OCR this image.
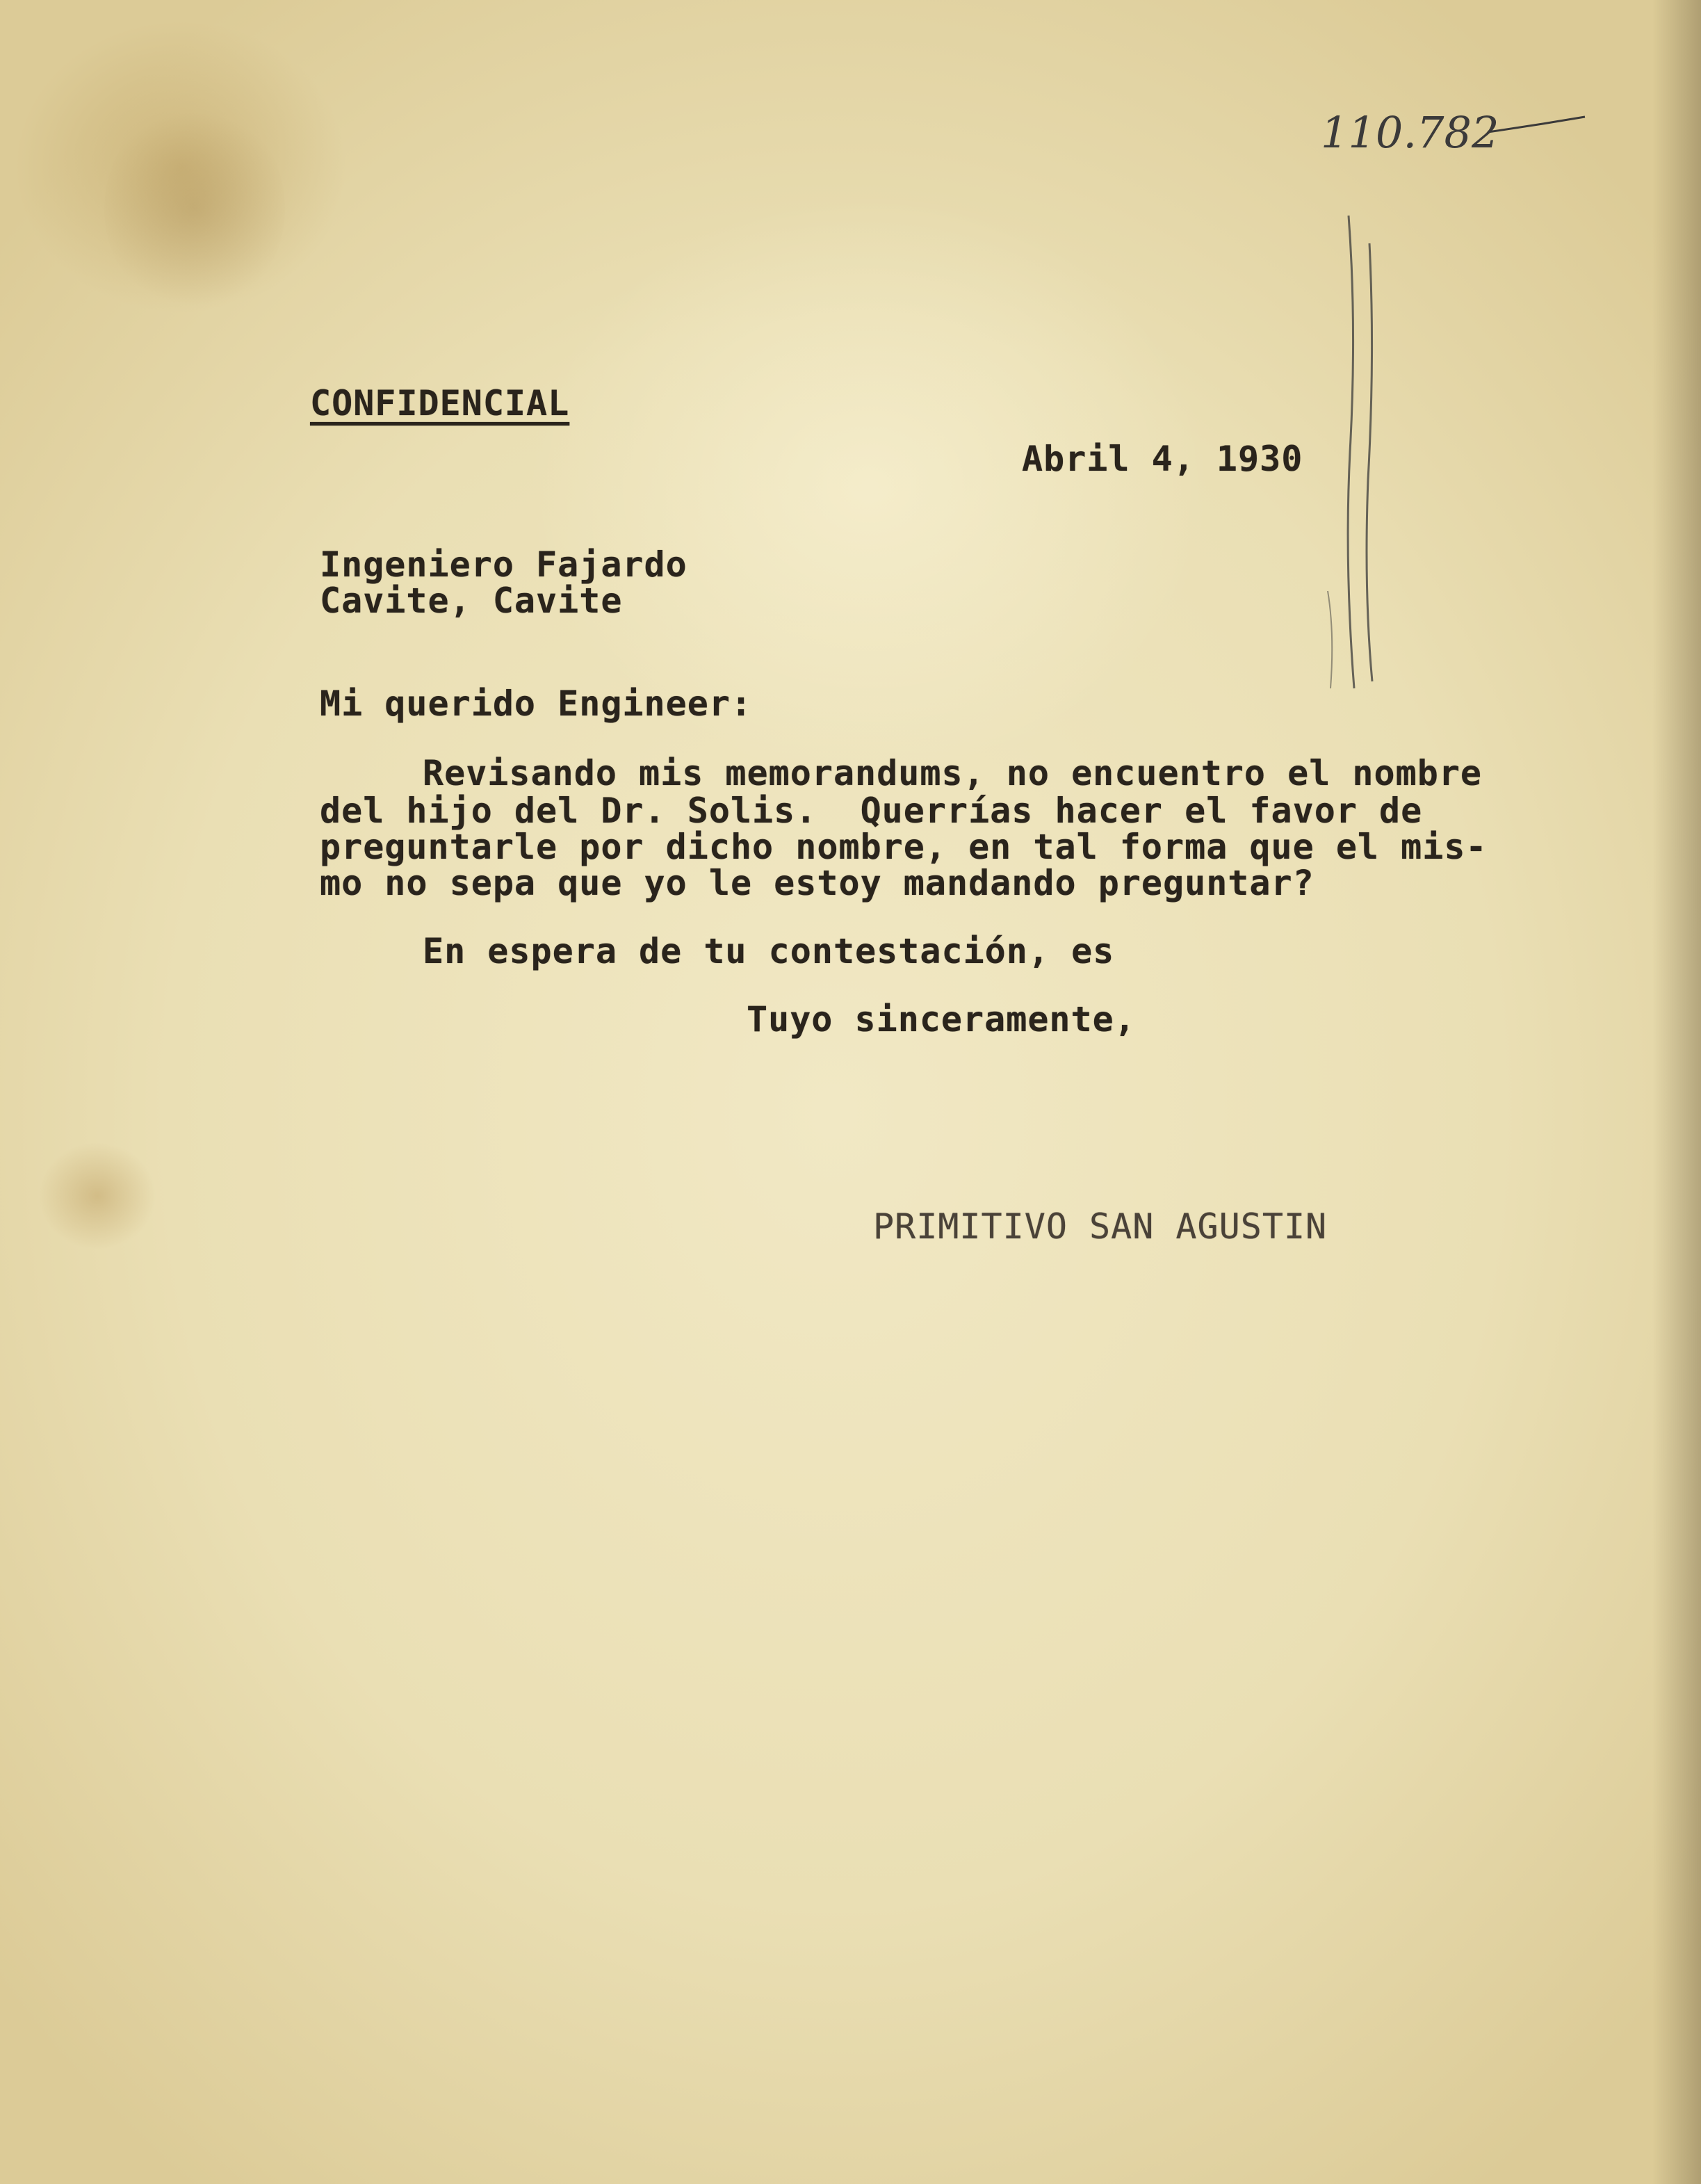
110.782
CONFIDENCIAL
Abril 4, 1930
Ingeniero Fajardo
Cavite, Cavite
Mi querido Engineer:
Revisando mis memorandums, no encuentro el nombre
del hijo del Dr. Solis.  Querrías hacer el favor de
preguntarle por dicho nombre, en tal forma que el mis-
mo no sepa que yo le estoy mandando preguntar?
En espera de tu contestación, es
Tuyo sinceramente,
PRIMITIVO SAN AGUSTIN
